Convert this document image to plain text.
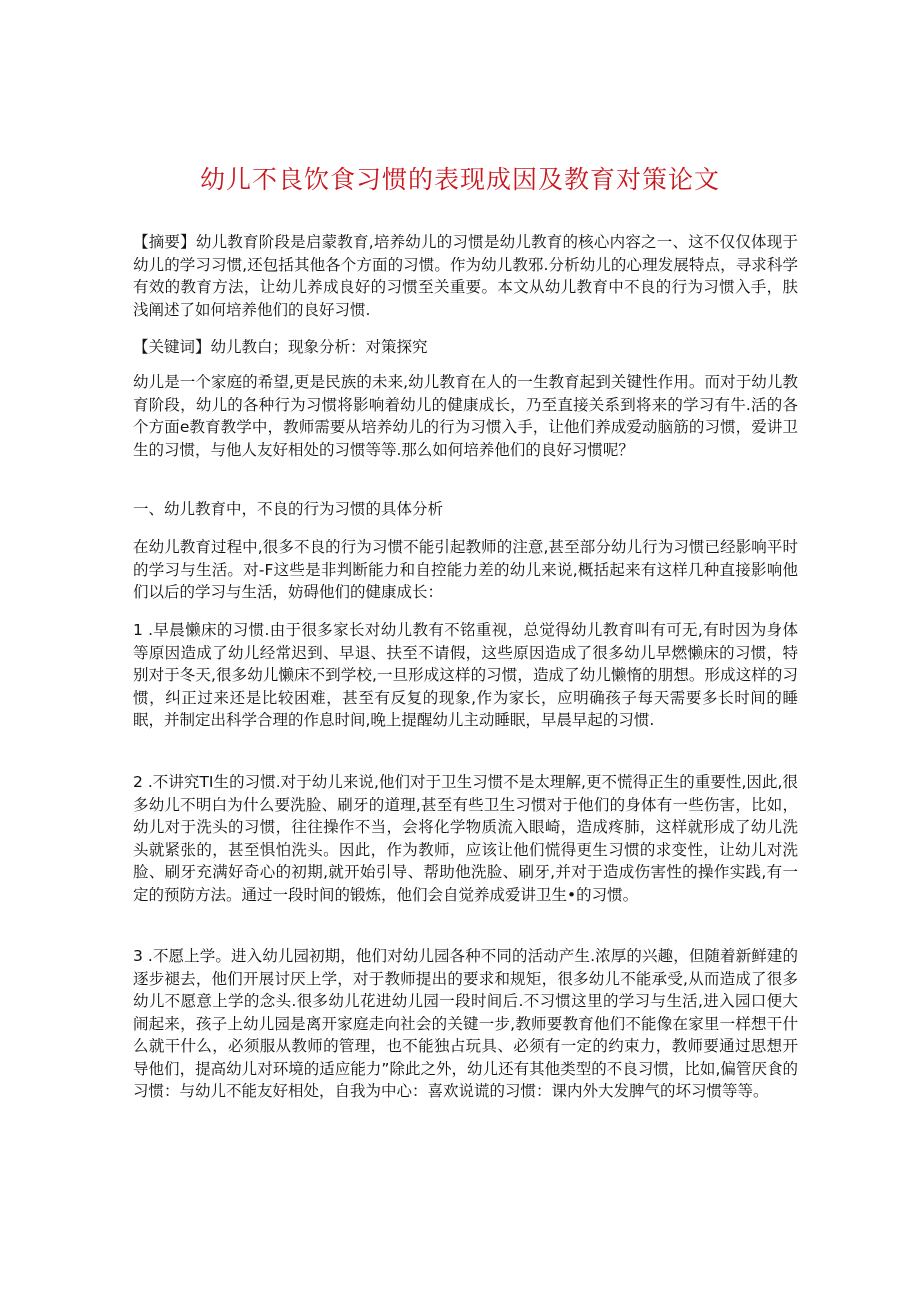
幼儿不良饮食习惯的表现成因及教育对策论文

【摘要】幼儿教育阶段是启蒙教育,培养幼儿的习惯是幼儿教育的核心内容之一、这不仅仅体现于幼儿的学习习惯,还包括其他各个方面的习惯。作为幼儿教邪.分析幼儿的心理发展特点，寻求科学有效的教育方法，让幼儿养成良好的习惯至关重要。本文从幼儿教育中不良的行为习惯入手，肤浅阐述了如何培养他们的良好习惯.

【关键词】幼儿教白；现象分析：对策探究

幼儿是一个家庭的希望,更是民族的未来,幼儿教育在人的一生教育起到关键性作用。而对于幼儿教育阶段，幼儿的各种行为习惯将影响着幼儿的健康成长，乃至直接关系到将来的学习有牛.活的各个方面e教育教学中，教师需要从培养幼儿的行为习惯入手，让他们养成爱动脑筋的习惯，爱讲卫生的习惯，与他人友好相处的习惯等等.那么如何培养他们的良好习惯呢？

一、幼儿教育中，不良的行为习惯的具体分析

在幼儿教育过程中,很多不良的行为习惯不能引起教师的注意,甚至部分幼儿行为习惯已经影响平时的学习与生活。对-F这些是非判断能力和自控能力差的幼儿来说,概括起来有这样几种直接影响他们以后的学习与生活，妨碍他们的健康成长：

1 .早晨懒床的习惯.由于很多家长对幼儿教有不铭重视，总觉得幼儿教育叫有可无,有时因为身体等原因造成了幼儿经常迟到、早退、扶至不请假，这些原因造成了很多幼儿早燃懒床的习惯，特别对于冬天,很多幼儿懒床不到学校,一旦形成这样的习惯，造成了幼儿懒惰的朋想。形成这样的习惯，纠正过来还是比较困难，甚至有反复的现象,作为家长，应明确孩子每天需要多长时间的睡眠，并制定出科学合理的作息时间,晚上提醒幼儿主动睡眠，早晨早起的习惯.

2 .不讲究TI生的习惯.对于幼儿来说,他们对于卫生习惯不是太理解,更不慌得正生的重要性,因此,很多幼儿不明白为什么要洗脸、刷牙的道理,甚至有些卫生习惯对于他们的身体有一些伤害，比如，幼儿对于洗头的习惯，往往操作不当，会将化学物质流入眼崎，造成疼肺，这样就形成了幼儿洗头就紧张的，甚至惧怕洗头。因此，作为教师，应该让他们慌得更生习惯的求变性，让幼儿对洗脸、刷牙充满好奇心的初期,就开始引导、帮助他洗脸、刷牙,并对于造成伤害性的操作实践,有一定的预防方法。通过一段时间的锻炼，他们会自觉养成爱讲卫生•的习惯。

3 .不愿上学。进入幼儿园初期，他们对幼儿园各种不同的活动产生.浓厚的兴趣，但随着新鲜建的逐步褪去，他们开展讨厌上学，对于教师提出的要求和规矩，很多幼儿不能承受,从而造成了很多幼儿不愿意上学的念头.很多幼儿花进幼儿园一段时间后.不习惯这里的学习与生活,进入园口便大闹起来，孩子上幼儿园是离开家庭走向社会的关键一步,教师要教育他们不能像在家里一样想干什么就干什么，必须服从教师的管理，也不能独占玩具、必须有一定的约束力，教师要通过思想开导他们，提高幼儿对环境的适应能力”除此之外，幼儿还有其他类型的不良习惯，比如,偏管厌食的习惯：与幼儿不能友好相处，自我为中心：喜欢说谎的习惯：课内外大发脾气的坏习惯等等。
